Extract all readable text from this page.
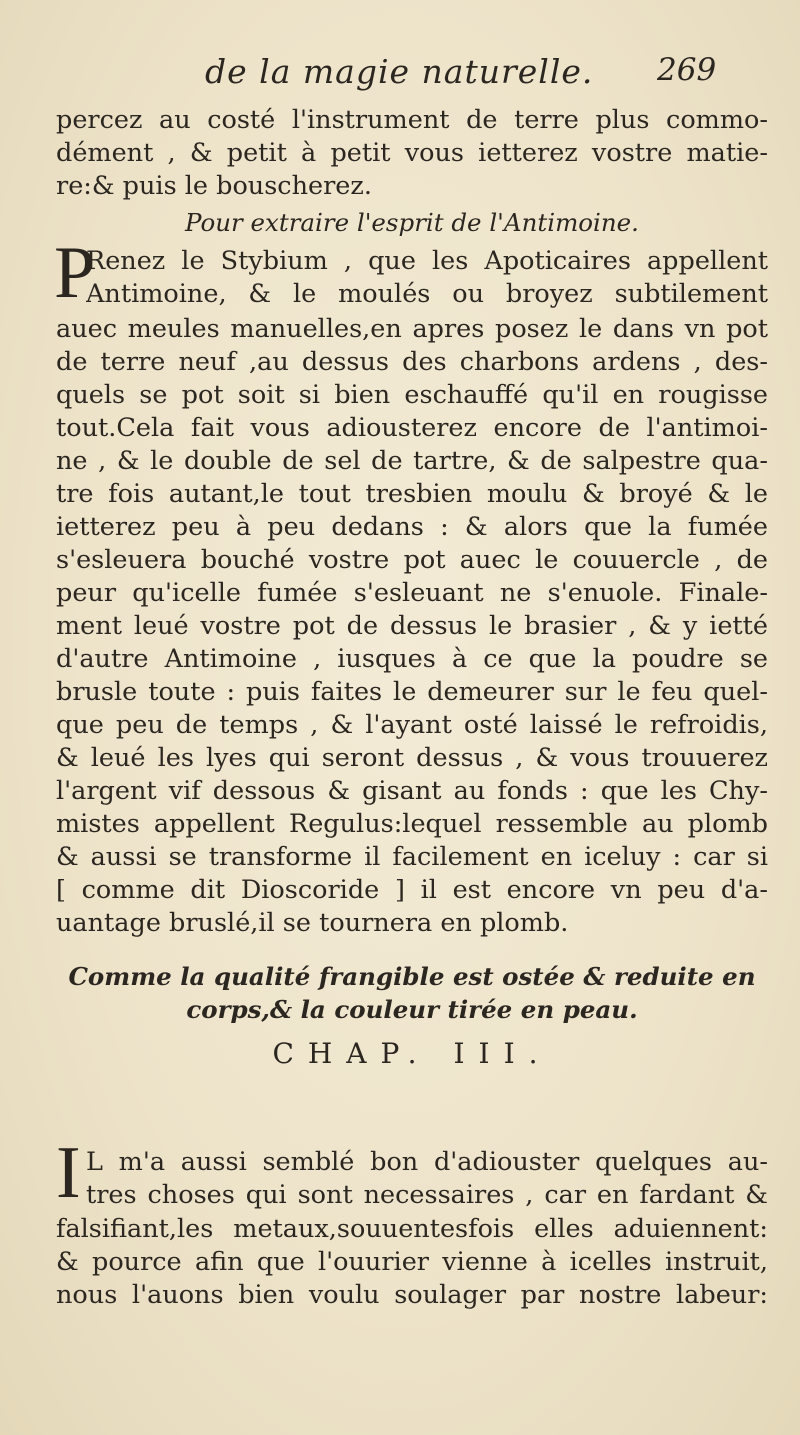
de la magie naturelle. 269
percez au costé l'instrument de terre plus commo-
dément , & petit à petit vous ietterez vostre matie-
re:& puis le bouscherez.
Pour extraire l'esprit de l'Antimoine.
P
Renez le Stybium , que les Apoticaires appellent
Antimoine, & le moulés ou broyez subtilement
auec meules manuelles,en apres posez le dans vn pot
de terre neuf ,au dessus des charbons ardens , des-
quels se pot soit si bien eschauffé qu'il en rougisse
tout.Cela fait vous adiousterez encore de l'antimoi-
ne , & le double de sel de tartre, & de salpestre qua-
tre fois autant,le tout tresbien moulu & broyé & le
ietterez peu à peu dedans : & alors que la fumée
s'esleuera bouché vostre pot auec le couuercle , de
peur qu'icelle fumée s'esleuant ne s'enuole. Finale-
ment leué vostre pot de dessus le brasier , & y ietté
d'autre Antimoine , iusques à ce que la poudre se
brusle toute : puis faites le demeurer sur le feu quel-
que peu de temps , & l'ayant osté laissé le refroidis,
& leué les lyes qui seront dessus , & vous trouuerez
l'argent vif dessous & gisant au fonds : que les Chy-
mistes appellent Regulus:lequel ressemble au plomb
& aussi se transforme il facilement en iceluy : car si
[ comme dit Dioscoride ] il est encore vn peu d'a-
uantage bruslé,il se tournera en plomb.
Comme la qualité frangible est ostée & reduite en
corps,& la couleur tirée en peau.
CHAP. III.
I L m'a aussi semblé bon d'adiouster quelques au-
tres choses qui sont necessaires , car en fardant &
falsifiant,les metaux,souuentesfois elles aduiennent:
& pource afin que l'ouurier vienne à icelles instruit,
nous l'auons bien voulu soulager par nostre labeur:
